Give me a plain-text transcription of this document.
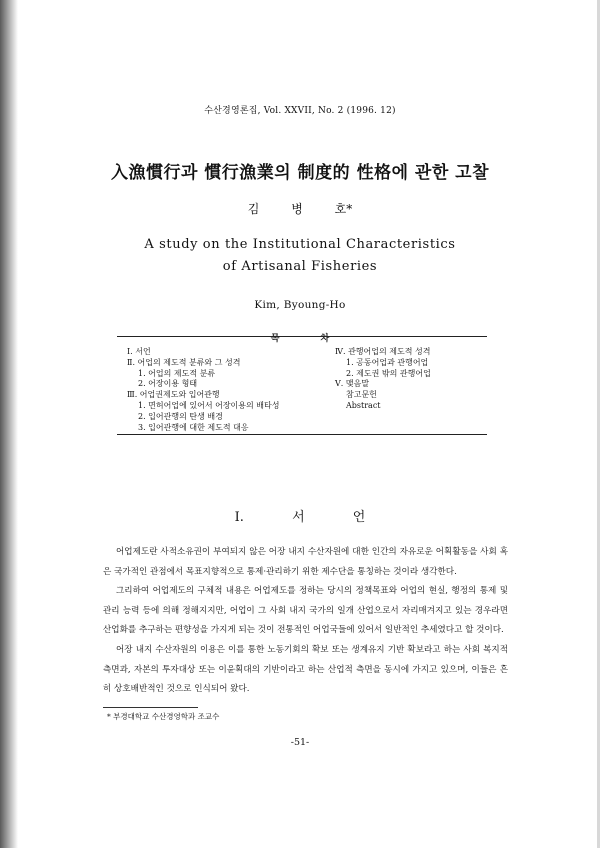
수산경영론집, Vol. XXVII, No. 2 (1996. 12)
入漁慣行과 慣行漁業의 制度的 性格에 관한 고찰
김 병 호*
A study on the Institutional Characteristics
of Artisanal Fisheries
Kim, Byoung-Ho
목 차
Ⅰ. 서언
Ⅱ. 어업의 제도적 분류와 그 성격
1. 어업의 제도적 분류
2. 어장이용 형태
Ⅲ. 어업권제도와 입어관행
1. 면허어업에 있어서 어장이용의 배타성
2. 입어관행의 탄생 배경
3. 입어관행에 대한 제도적 대응
Ⅳ. 관행어업의 제도적 성격
1. 공동어업과 관행어업
2. 제도권 밖의 관행어업
Ⅴ. 맺음말
참고문헌
Abstract
Ⅰ. 서 언

어업제도란 사적소유권이 부여되지 않은 어장 내지 수산자원에 대한 인간의 자유로운 어획활동을 사회 혹은 국가적인 관점에서 목표지향적으로 통제·관리하기 위한 제수단을 통칭하는 것이라 생각한다.

그리하여 어업제도의 구체적 내용은 어업제도를 정하는 당시의 정책목표와 어업의 현실, 행정의 통제 및 관리 능력 등에 의해 정해지지만, 어업이 그 사회 내지 국가의 일개 산업으로서 자리매겨지고 있는 경우라면 산업화를 추구하는 편향성을 가지게 되는 것이 전통적인 어업국들에 있어서 일반적인 추세였다고 할 것이다.

어장 내지 수산자원의 이용은 이를 통한 노동기회의 확보 또는 생계유지 기반 확보라고 하는 사회 복지적 측면과, 자본의 투자대상 또는 이윤획대의 기반이라고 하는 산업적 측면을 동시에 가지고 있으며, 이들은 흔히 상호배반적인 것으로 인식되어 왔다.

* 부경대학교 수산경영학과 조교수
-51-
